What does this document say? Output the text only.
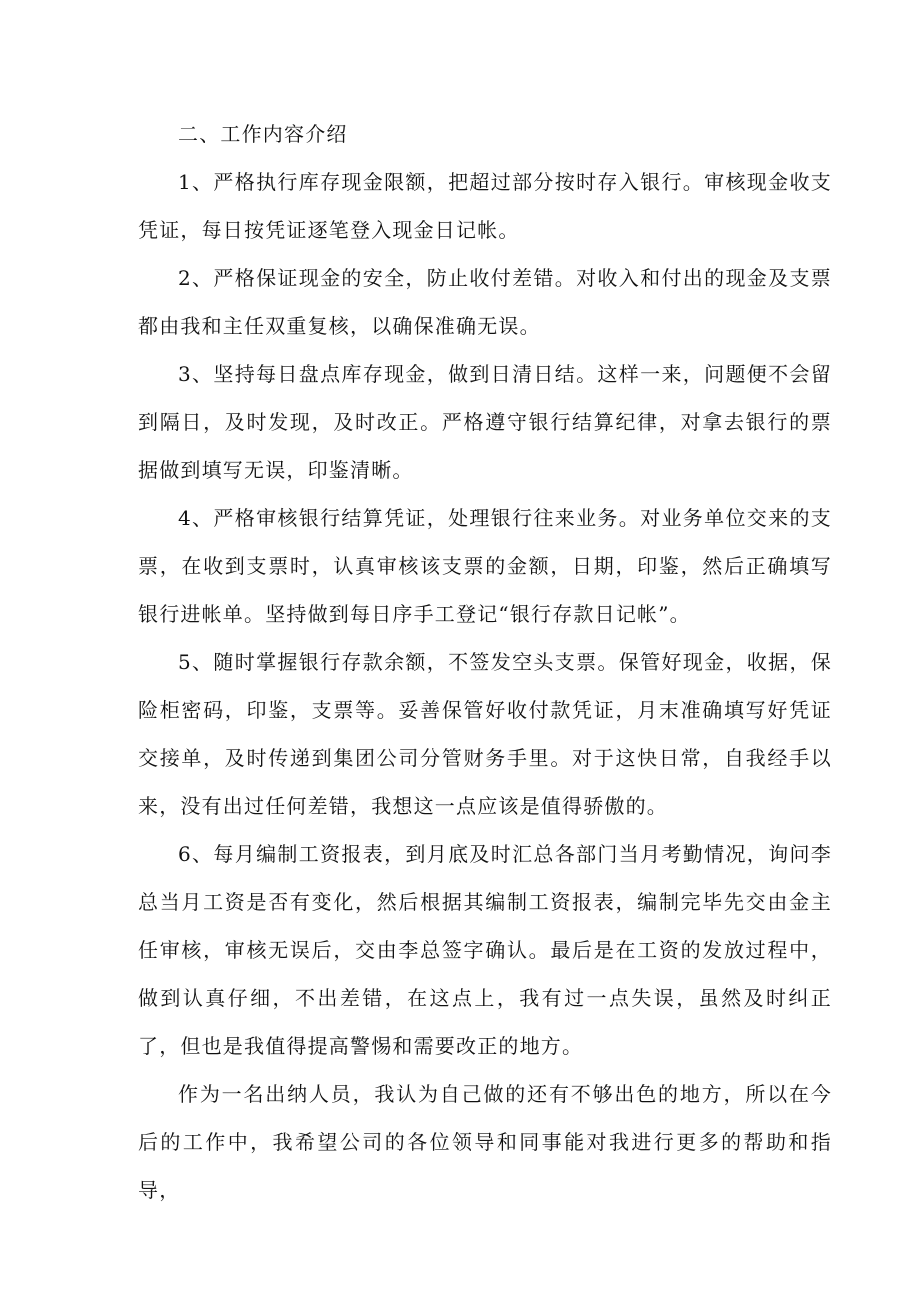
二、工作内容介绍

1、严格执行库存现金限额，把超过部分按时存入银行。审核现金收支凭证，每日按凭证逐笔登入现金日记帐。

2、严格保证现金的安全，防止收付差错。对收入和付出的现金及支票都由我和主任双重复核，以确保准确无误。

3、坚持每日盘点库存现金，做到日清日结。这样一来，问题便不会留到隔日，及时发现，及时改正。严格遵守银行结算纪律，对拿去银行的票据做到填写无误，印鉴清晰。

4、严格审核银行结算凭证，处理银行往来业务。对业务单位交来的支票，在收到支票时，认真审核该支票的金额，日期，印鉴，然后正确填写银行进帐单。坚持做到每日序手工登记“银行存款日记帐”。

5、随时掌握银行存款余额，不签发空头支票。保管好现金，收据，保险柜密码，印鉴，支票等。妥善保管好收付款凭证，月末准确填写好凭证交接单，及时传递到集团公司分管财务手里。对于这快日常，自我经手以来，没有出过任何差错，我想这一点应该是值得骄傲的。

6、每月编制工资报表，到月底及时汇总各部门当月考勤情况，询问李总当月工资是否有变化，然后根据其编制工资报表，编制完毕先交由金主任审核，审核无误后，交由李总签字确认。最后是在工资的发放过程中，做到认真仔细，不出差错，在这点上，我有过一点失误，虽然及时纠正了，但也是我值得提高警惕和需要改正的地方。

作为一名出纳人员，我认为自己做的还有不够出色的地方，所以在今后的工作中，我希望公司的各位领导和同事能对我进行更多的帮助和指导，
